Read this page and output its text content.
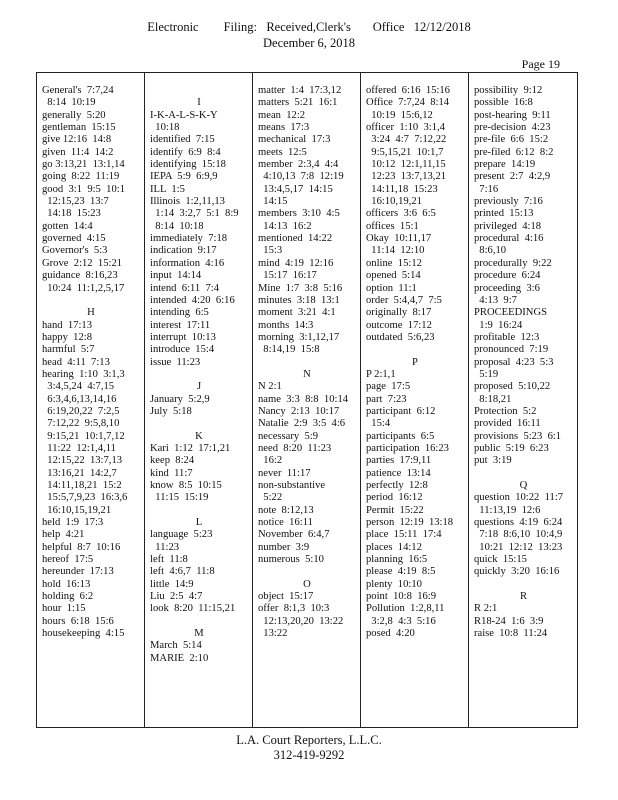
Electronic Filing: Received,Clerk's Office 12/12/2018
December 6, 2018
Page 19
General's  7:7,24
8:14  10:19
generally  5:20
gentleman  15:15
give 12:16  14:8
given  11:4  14:2
go 3:13,21  13:1,14
going  8:22  11:19
good  3:1  9:5  10:1
12:15,23  13:7
14:18  15:23
gotten  14:4
governed  4:15
Governor's  5:3
Grove  2:12  15:21
guidance  8:16,23
10:24  11:1,2,5,17
H
hand  17:13
happy  12:8
harmful  5:7
head  4:11  7:13
hearing  1:10  3:1,3
3:4,5,24  4:7,15
6:3,4,6,13,14,16
6:19,20,22  7:2,5
7:12,22  9:5,8,10
9:15,21  10:1,7,12
11:22  12:1,4,11
12:15,22  13:7,13
13:16,21  14:2,7
14:11,18,21  15:2
15:5,7,9,23  16:3,6
16:10,15,19,21
held  1:9  17:3
help  4:21
helpful  8:7  10:16
hereof  17:5
hereunder  17:13
hold  16:13
holding  6:2
hour  1:15
hours  6:18  15:6
housekeeping  4:15
I
I-K-A-L-S-K-Y
10:18
identified  7:15
identify  6:9  8:4
identifying  15:18
IEPA  5:9  6:9,9
ILL  1:5
Illinois  1:2,11,13
1:14  3:2,7  5:1  8:9
8:14  10:18
immediately  7:18
indication  9:17
information  4:16
input  14:14
intend  6:11  7:4
intended  4:20  6:16
intending  6:5
interest  17:11
interrupt  10:13
introduce  15:4
issue  11:23
J
January  5:2,9
July  5:18
K
Kari  1:12  17:1,21
keep  8:24
kind  11:7
know  8:5  10:15
11:15  15:19
L
language  5:23
11:23
left  11:8
left  4:6,7  11:8
little  14:9
Liu  2:5  4:7
look  8:20  11:15,21
M
March  5:14
MARIE  2:10
matter  1:4  17:3,12
matters  5:21  16:1
mean  12:2
means  17:3
mechanical  17:3
meets  12:5
member  2:3,4  4:4
4:10,13  7:8  12:19
13:4,5,17  14:15
14:15
members  3:10  4:5
14:13  16:2
mentioned  14:22
15:3
mind  4:19  12:16
15:17  16:17
Mine  1:7  3:8  5:16
minutes  3:18  13:1
moment  3:21  4:1
months  14:3
morning  3:1,12,17
8:14,19  15:8
N
N 2:1
name  3:3  8:8  10:14
Nancy  2:13  10:17
Natalie  2:9  3:5  4:6
necessary  5:9
need  8:20  11:23
16:2
never  11:17
non-substantive
5:22
note  8:12,13
notice  16:11
November  6:4,7
number  3:9
numerous  5:10
O
object  15:17
offer  8:1,3  10:3
12:13,20,20  13:22
13:22
offered  6:16  15:16
Office  7:7,24  8:14
10:19  15:6,12
officer  1:10  3:1,4
3:24  4:7  7:12,22
9:5,15,21  10:1,7
10:12  12:1,11,15
12:23  13:7,13,21
14:11,18  15:23
16:10,19,21
officers  3:6  6:5
offices  15:1
Okay  10:11,17
11:14  12:10
online  15:12
opened  5:14
option  11:1
order  5:4,4,7  7:5
originally  8:17
outcome  17:12
outdated  5:6,23
P
P 2:1,1
page  17:5
part  7:23
participant  6:12
15:4
participants  6:5
participation  16:23
parties  17:9,11
patience  13:14
perfectly  12:8
period  16:12
Permit  15:22
person  12:19  13:18
place  15:11  17:4
places  14:12
planning  16:5
please  4:19  8:5
plenty  10:10
point  10:8  16:9
Pollution  1:2,8,11
3:2,8  4:3  5:16
posed  4:20
possibility  9:12
possible  16:8
post-hearing  9:11
pre-decision  4:23
pre-file  6:6  15:2
pre-filed  6:12  8:2
prepare  14:19
present  2:7  4:2,9
7:16
previously  7:16
printed  15:13
privileged  4:18
procedural  4:16
8:6,10
procedurally  9:22
procedure  6:24
proceeding  3:6
4:13  9:7
PROCEEDINGS
1:9  16:24
profitable  12:3
pronounced  7:19
proposal  4:23  5:3
5:19
proposed  5:10,22
8:18,21
Protection  5:2
provided  16:11
provisions  5:23  6:1
public  5:19  6:23
put  3:19
Q
question  10:22  11:7
11:13,19  12:6
questions  4:19  6:24
7:18  8:6,10  10:4,9
10:21  12:12  13:23
quick  15:15
quickly  3:20  16:16
R
R 2:1
R18-24  1:6  3:9
raise  10:8  11:24
L.A. Court Reporters, L.L.C.
312-419-9292
